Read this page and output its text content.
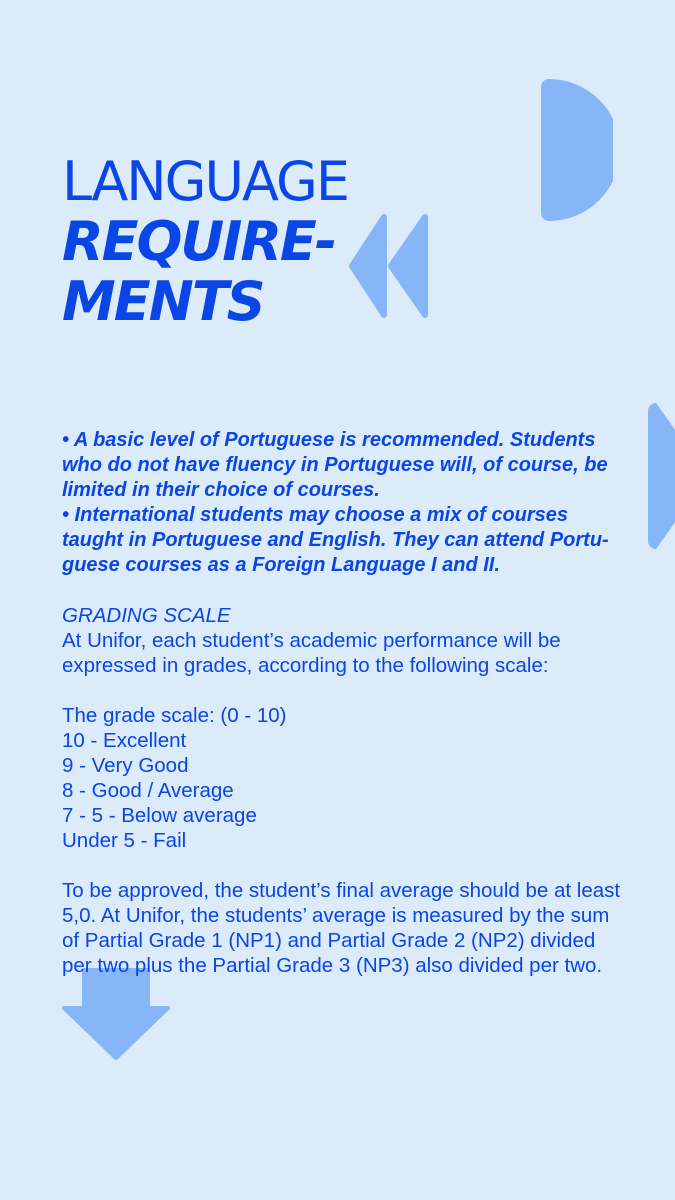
LANGUAGE
REQUIRE-
MENTS

• A basic level of Portuguese is recommended. Students who do not have fluency in Portuguese will, of course, be limited in their choice of courses.

• International students may choose a mix of courses taught in Portuguese and English. They can attend Portu-guese courses as a Foreign Language I and II.

GRADING SCALE

At Unifor, each student’s academic performance will be expressed in grades, according to the following scale:

The grade scale: (0 - 10)
10 - Excellent
9 - Very Good
8 - Good / Average
7 - 5 - Below average
Under 5 - Fail

To be approved, the student’s final average should be at least 5,0. At Unifor, the students’ average is measured by the sum of Partial Grade 1 (NP1) and Partial Grade 2 (NP2) divided per two plus the Partial Grade 3 (NP3) also divided per two.
